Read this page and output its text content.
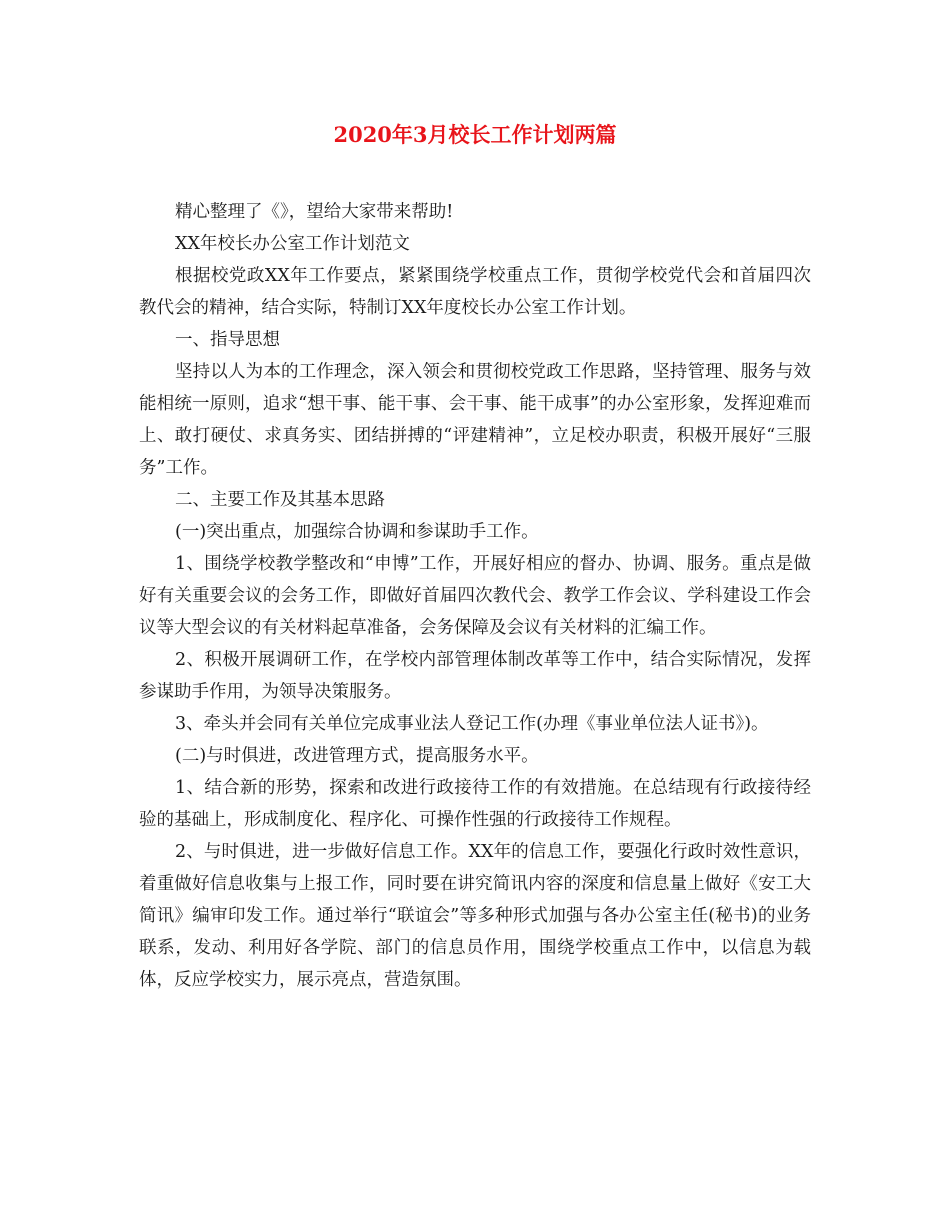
2020年3月校长工作计划两篇

精心整理了《》，望给大家带来帮助!

XX年校长办公室工作计划范文

根据校党政XX年工作要点，紧紧围绕学校重点工作，贯彻学校党代会和首届四次教代会的精神，结合实际，特制订XX年度校长办公室工作计划。

一、指导思想

坚持以人为本的工作理念，深入领会和贯彻校党政工作思路，坚持管理、服务与效能相统一原则，追求“想干事、能干事、会干事、能干成事”的办公室形象，发挥迎难而上、敢打硬仗、求真务实、团结拼搏的“评建精神”，立足校办职责，积极开展好“三服务”工作。

二、主要工作及其基本思路

(一)突出重点，加强综合协调和参谋助手工作。

1、围绕学校教学整改和“申博”工作，开展好相应的督办、协调、服务。重点是做好有关重要会议的会务工作，即做好首届四次教代会、教学工作会议、学科建设工作会议等大型会议的有关材料起草准备，会务保障及会议有关材料的汇编工作。

2、积极开展调研工作，在学校内部管理体制改革等工作中，结合实际情况，发挥参谋助手作用，为领导决策服务。

3、牵头并会同有关单位完成事业法人登记工作(办理《事业单位法人证书》)。

(二)与时俱进，改进管理方式，提高服务水平。

1、结合新的形势，探索和改进行政接待工作的有效措施。在总结现有行政接待经验的基础上，形成制度化、程序化、可操作性强的行政接待工作规程。

2、与时俱进，进一步做好信息工作。XX年的信息工作，要强化行政时效性意识，着重做好信息收集与上报工作，同时要在讲究简讯内容的深度和信息量上做好《安工大简讯》编审印发工作。通过举行“联谊会”等多种形式加强与各办公室主任(秘书)的业务联系，发动、利用好各学院、部门的信息员作用，围绕学校重点工作中，以信息为载体，反应学校实力，展示亮点，营造氛围。
